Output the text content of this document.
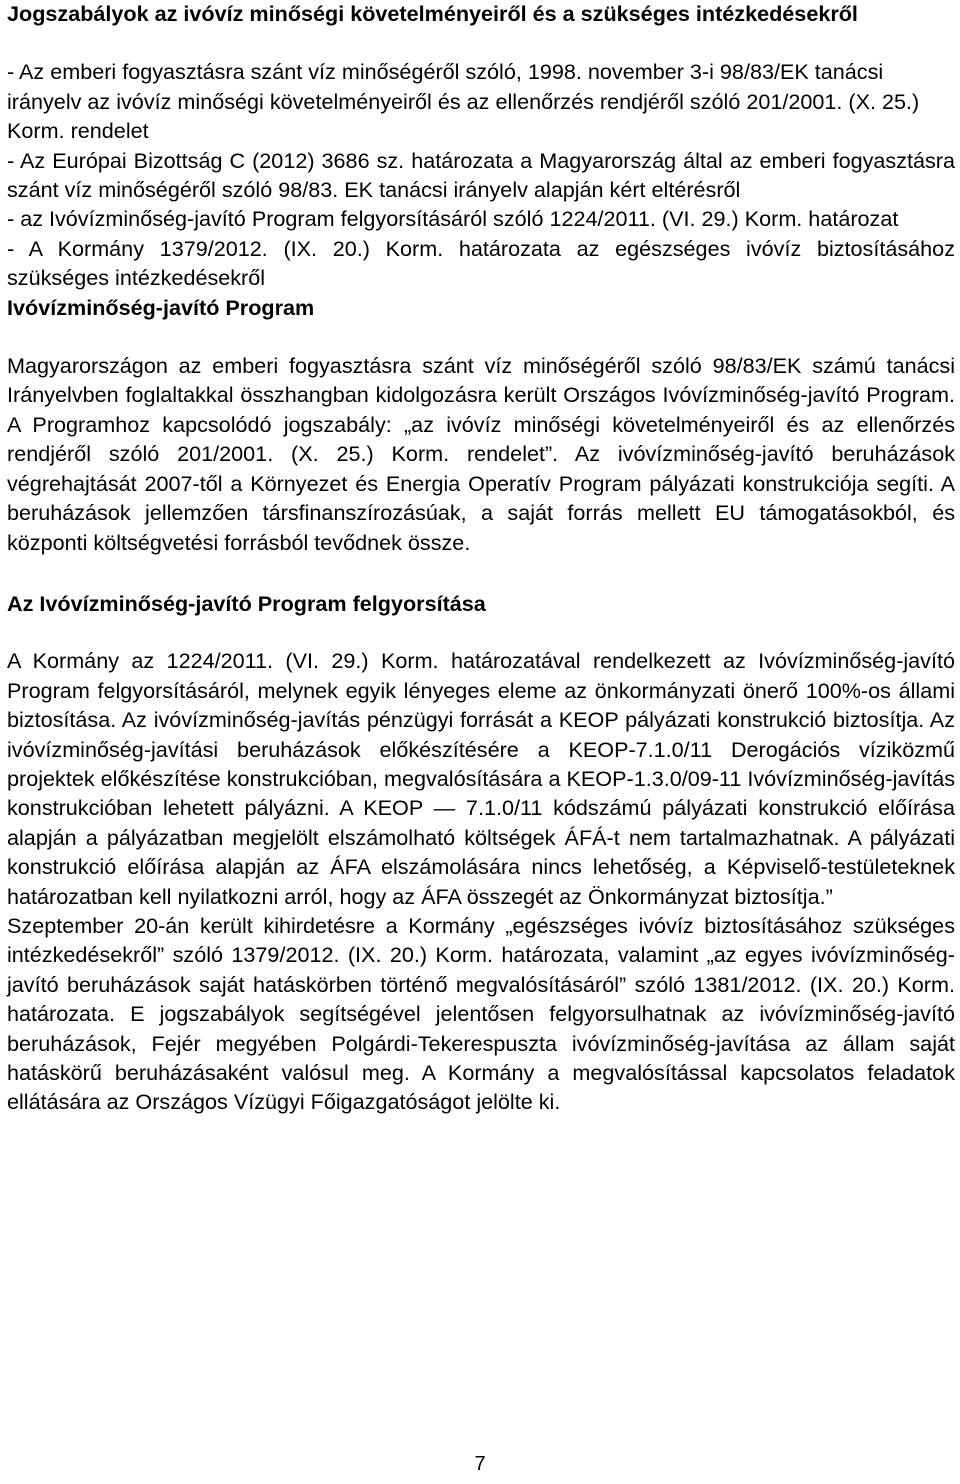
Jogszabályok az ivóvíz minőségi követelményeiről és a szükséges intézkedésekről

- Az emberi fogyasztásra szánt víz minőségéről szóló, 1998. november 3-i 98/83/EK tanácsi irányelv az ivóvíz minőségi követelményeiről és az ellenőrzés rendjéről szóló 201/2001. (X. 25.) Korm. rendelet

- Az Európai Bizottság C (2012) 3686 sz. határozata a Magyarország által az emberi fogyasztásra szánt víz minőségéről szóló 98/83. EK tanácsi irányelv alapján kért eltérésről

- az Ivóvízminőség-javító Program felgyorsításáról szóló 1224/2011. (VI. 29.) Korm. határozat

- A Kormány 1379/2012. (IX. 20.) Korm. határozata az egészséges ivóvíz biztosításához szükséges intézkedésekről

Ivóvízminőség-javító Program

Magyarországon az emberi fogyasztásra szánt víz minőségéről szóló 98/83/EK számú tanácsi Irányelvben foglaltakkal összhangban kidolgozásra került Országos Ivóvízminőség-javító Program. A Programhoz kapcsolódó jogszabály: „az ivóvíz minőségi követelményeiről és az ellenőrzés rendjéről szóló 201/2001. (X. 25.) Korm. rendelet”. Az ivóvízminőség-javító beruházások végrehajtását 2007-től a Környezet és Energia Operatív Program pályázati konstrukciója segíti. A beruházások jellemzően társfinanszírozásúak, a saját forrás mellett EU támogatásokból, és központi költségvetési forrásból tevődnek össze.

Az Ivóvízminőség-javító Program felgyorsítása

A Kormány az 1224/2011. (VI. 29.) Korm. határozatával rendelkezett az Ivóvízminőség-javító Program felgyorsításáról, melynek egyik lényeges eleme az önkormányzati önerő 100%-os állami biztosítása. Az ivóvízminőség-javítás pénzügyi forrását a KEOP pályázati konstrukció biztosítja. Az ivóvízminőség-javítási beruházások előkészítésére a KEOP-7.1.0/11 Derogációs víziközmű projektek előkészítése konstrukcióban, megvalósítására a KEOP-1.3.0/09-11 Ivóvízminőség-javítás konstrukcióban lehetett pályázni. A KEOP — 7.1.0/11 kódszámú pályázati konstrukció előírása alapján a pályázatban megjelölt elszámolható költségek ÁFÁ-t nem tartalmazhatnak. A pályázati konstrukció előírása alapján az ÁFA elszámolására nincs lehetőség, a Képviselő-testületeknek határozatban kell nyilatkozni arról, hogy az ÁFA összegét az Önkormányzat biztosítja.”

Szeptember 20-án került kihirdetésre a Kormány „egészséges ivóvíz biztosításához szükséges intézkedésekről” szóló 1379/2012. (IX. 20.) Korm. határozata, valamint „az egyes ivóvízminőség-javító beruházások saját hatáskörben történő megvalósításáról” szóló 1381/2012. (IX. 20.) Korm. határozata. E jogszabályok segítségével jelentősen felgyorsulhatnak az ivóvízminőség-javító beruházások, Fejér megyében Polgárdi-Tekerespuszta ivóvízminőség-javítása az állam saját hatáskörű beruházásaként valósul meg. A Kormány a megvalósítással kapcsolatos feladatok ellátására az Országos Vízügyi Főigazgatóságot jelölte ki.

7
